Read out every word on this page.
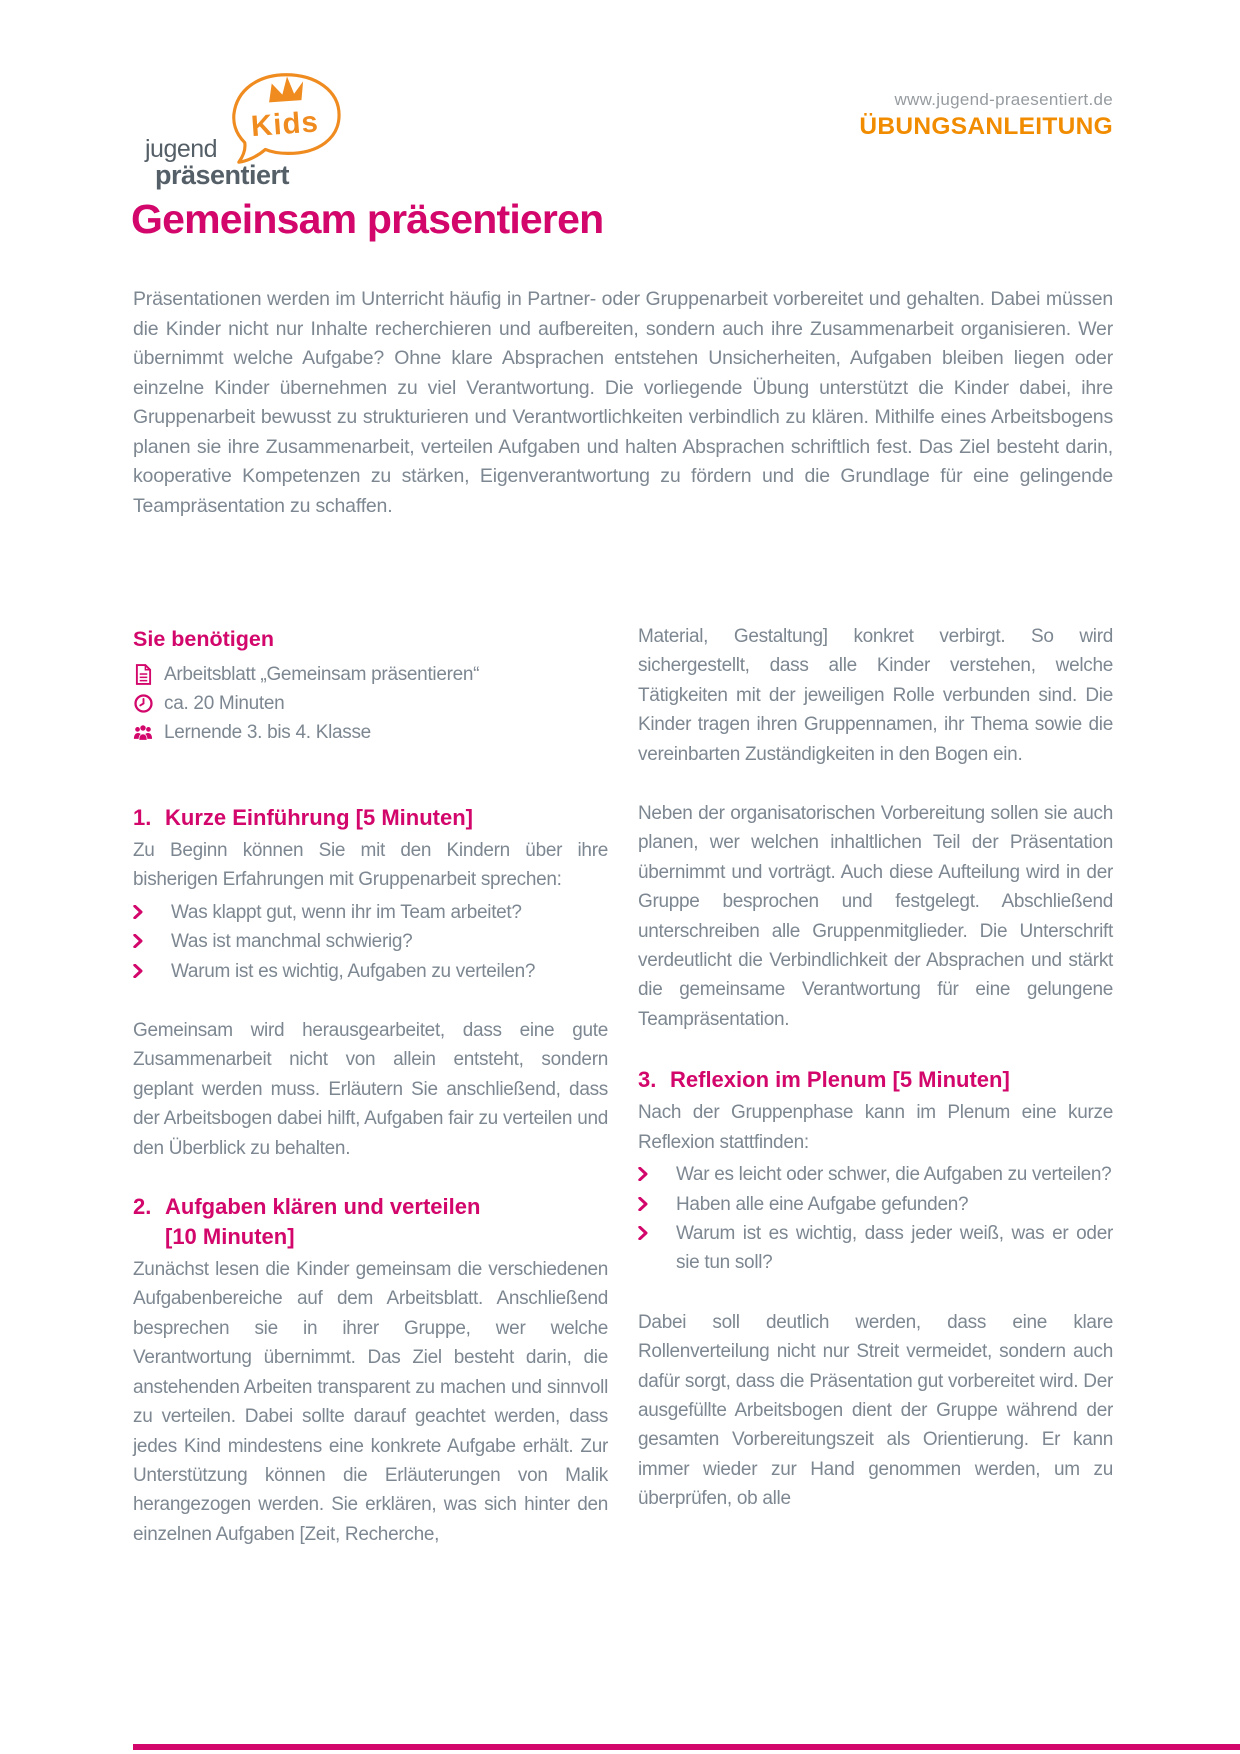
Kids
jugend
präsentiert
www.jugend-praesentiert.de
ÜBUNGSANLEITUNG
Gemeinsam präsentieren

Präsentationen werden im Unterricht häufig in Partner- oder Gruppenarbeit vorbereitet und gehalten. Dabei müssen die Kinder nicht nur Inhalte recherchieren und aufbereiten, sondern auch ihre Zusammenarbeit organisieren. Wer übernimmt welche Aufgabe? Ohne klare Absprachen entstehen Unsicherheiten, Aufgaben bleiben liegen oder einzelne Kinder übernehmen zu viel Verantwortung. Die vorliegende Übung unterstützt die Kinder dabei, ihre Gruppenarbeit bewusst zu strukturieren und Verantwortlichkeiten verbindlich zu klären. Mithilfe eines Arbeitsbogens planen sie ihre Zusammenarbeit, verteilen Aufgaben und halten Absprachen schriftlich fest. Das Ziel besteht darin, kooperative Kompetenzen zu stärken, Eigenverantwortung zu fördern und die Grundlage für eine gelingende Teampräsentation zu schaffen.

Sie benötigen
Arbeitsblatt „Gemeinsam präsentieren“
ca. 20 Minuten
Lernende 3. bis 4. Klasse
1. Kurze Einführung [5 Minuten]

Zu Beginn können Sie mit den Kindern über ihre bisherigen Erfahrungen mit Gruppenarbeit sprechen:

Was klappt gut, wenn ihr im Team arbeitet?
Was ist manchmal schwierig?
Warum ist es wichtig, Aufgaben zu verteilen?

Gemeinsam wird herausgearbeitet, dass eine gute Zusammenarbeit nicht von allein entsteht, sondern geplant werden muss. Erläutern Sie anschließend, dass der Arbeitsbogen dabei hilft, Aufgaben fair zu verteilen und den Überblick zu behalten.

2. Aufgaben klären und verteilen
[10 Minuten]

Zunächst lesen die Kinder gemeinsam die verschiedenen Aufgabenbereiche auf dem Arbeitsblatt. Anschließend besprechen sie in ihrer Gruppe, wer welche Verantwortung übernimmt. Das Ziel besteht darin, die anstehenden Arbeiten transparent zu machen und sinnvoll zu verteilen. Dabei sollte darauf geachtet werden, dass jedes Kind mindestens eine konkrete Aufgabe erhält. Zur Unterstützung können die Erläuterungen von Malik herangezogen werden. Sie erklären, was sich hinter den einzelnen Aufgaben [Zeit, Recherche,

Material, Gestaltung] konkret verbirgt. So wird sichergestellt, dass alle Kinder verstehen, welche Tätigkeiten mit der jeweiligen Rolle verbunden sind. Die Kinder tragen ihren Gruppennamen, ihr Thema sowie die vereinbarten Zuständigkeiten in den Bogen ein.

Neben der organisatorischen Vorbereitung sollen sie auch planen, wer welchen inhaltlichen Teil der Präsentation übernimmt und vorträgt. Auch diese Aufteilung wird in der Gruppe besprochen und festgelegt. Abschließend unterschreiben alle Gruppenmitglieder. Die Unterschrift verdeutlicht die Verbindlichkeit der Absprachen und stärkt die gemeinsame Verantwortung für eine gelungene Teampräsentation.

3. Reflexion im Plenum [5 Minuten]

Nach der Gruppenphase kann im Plenum eine kurze Reflexion stattfinden:

War es leicht oder schwer, die Aufgaben zu verteilen?
Haben alle eine Aufgabe gefunden?
Warum ist es wichtig, dass jeder weiß, was er oder sie tun soll?

Dabei soll deutlich werden, dass eine klare Rollenverteilung nicht nur Streit vermeidet, sondern auch dafür sorgt, dass die Präsentation gut vorbereitet wird. Der ausgefüllte Arbeitsbogen dient der Gruppe während der gesamten Vorbereitungszeit als Orientierung. Er kann immer wieder zur Hand genommen werden, um zu überprüfen, ob alle
